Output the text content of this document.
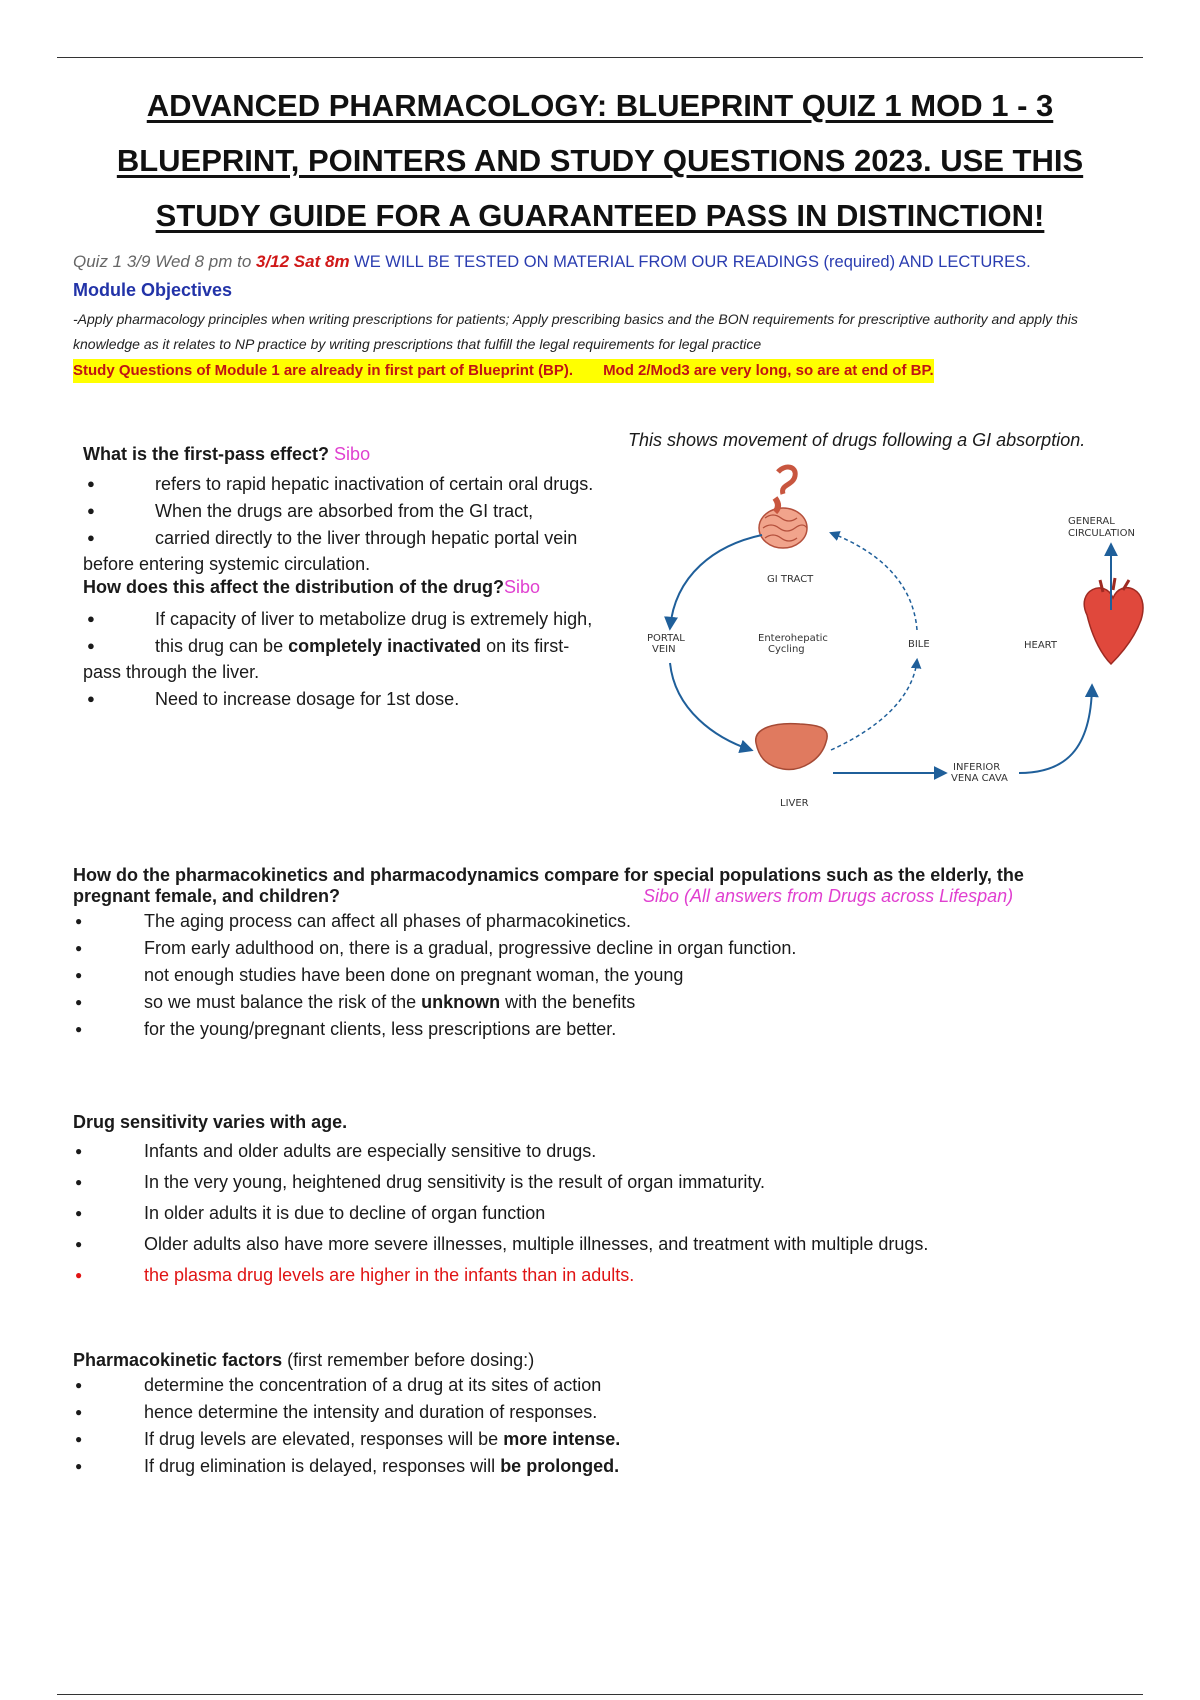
ADVANCED PHARMACOLOGY: BLUEPRINT QUIZ 1 MOD 1 - 3
BLUEPRINT, POINTERS AND STUDY QUESTIONS 2023. USE THIS
STUDY GUIDE FOR A GUARANTEED PASS IN DISTINCTION!
Quiz 1 3/9 Wed 8 pm to 3/12 Sat 8m WE WILL BE TESTED ON MATERIAL FROM OUR READINGS (required) AND LECTURES.
Module Objectives
-Apply pharmacology principles when writing prescriptions for patients; Apply prescribing basics and the BON requirements for prescriptive authority and apply this knowledge as it relates to NP practice by writing prescriptions that fulfill the legal requirements for legal practice
Study Questions of Module 1 are already in first part of Blueprint (BP). Mod 2/Mod3 are very long, so are at end of BP.
What is the first-pass effect? Sibo
● refers to rapid hepatic inactivation of certain oral drugs.
● When the drugs are absorbed from the GI tract,
● carried directly to the liver through hepatic portal vein before entering systemic circulation.
How does this affect the distribution of the drug?Sibo
● If capacity of liver to metabolize drug is extremely high,
● this drug can be completely inactivated on its first-pass through the liver.
● Need to increase dosage for 1st dose.
This shows movement of drugs following a GI absorption.
GI TRACT
LIVER
HEART
GENERAL
CIRCULATION
PORTAL
VEIN
Enterohepatic
Cycling	BILE
INFERIOR
VENA CAVA
How do the pharmacokinetics and pharmacodynamics compare for special populations such as the elderly, the
pregnant female, and children?	Sibo (All answers from Drugs across Lifespan)
● The aging process can affect all phases of pharmacokinetics.
● From early adulthood on, there is a gradual, progressive decline in organ function.
● not enough studies have been done on pregnant woman, the young
● so we must balance the risk of the unknown with the benefits
● for the young/pregnant clients, less prescriptions are better.
Drug sensitivity varies with age.
● Infants and older adults are especially sensitive to drugs.
● In the very young, heightened drug sensitivity is the result of organ immaturity.
● In older adults it is due to decline of organ function
● Older adults also have more severe illnesses, multiple illnesses, and treatment with multiple drugs.
● the plasma drug levels are higher in the infants than in adults.
Pharmacokinetic factors (first remember before dosing:)
● determine the concentration of a drug at its sites of action
● hence determine the intensity and duration of responses.
● If drug levels are elevated, responses will be more intense.
● If drug elimination is delayed, responses will be prolonged.
